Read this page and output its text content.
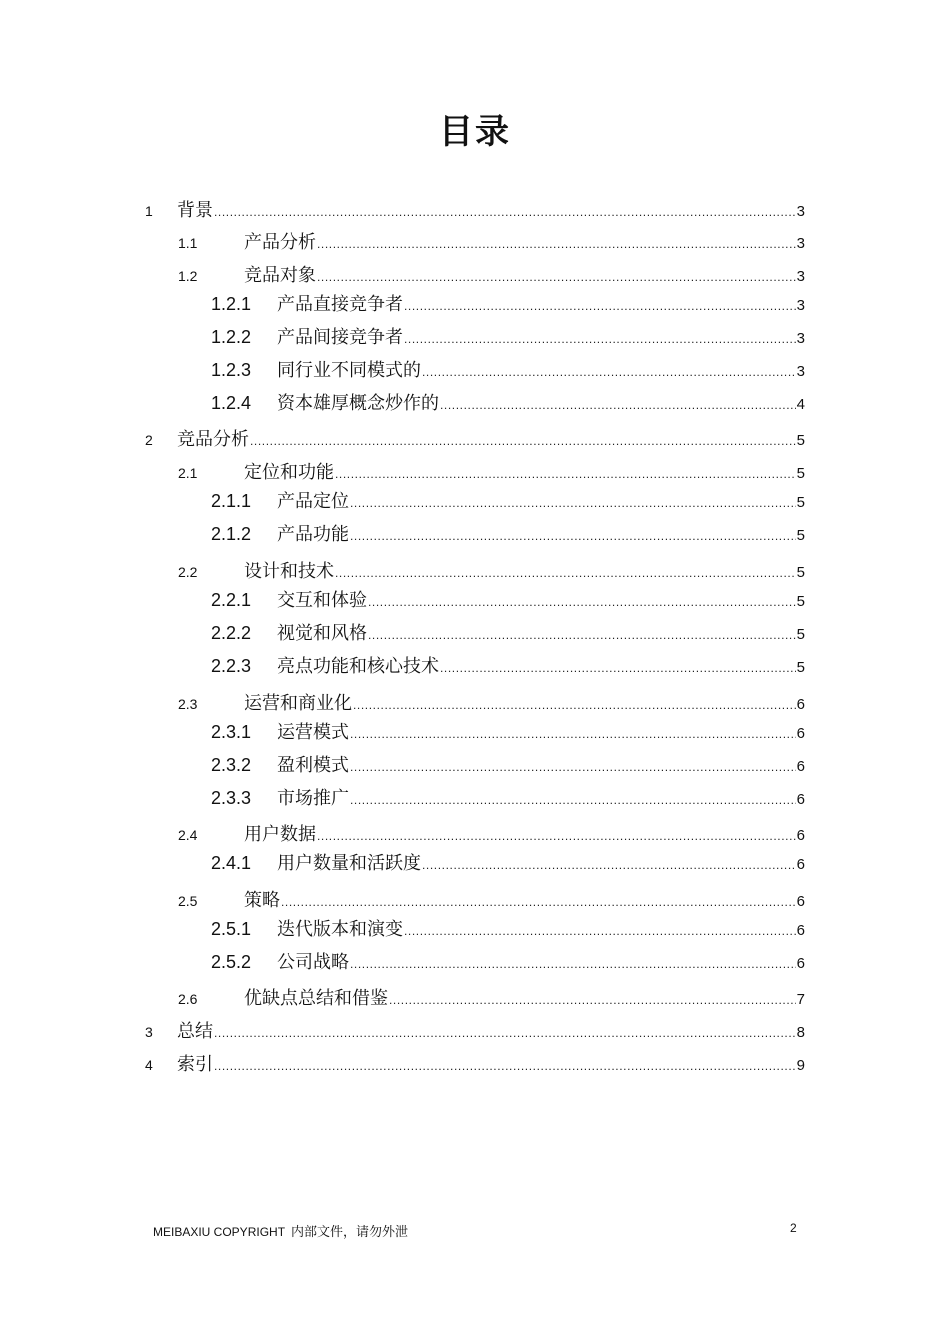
目录
1	背景 .....	3
1.1	产品分析 .....	3
1.2	竞品对象 .....	3
1.2.1	产品直接竞争者 .....	3
1.2.2	产品间接竞争者 .....	3
1.2.3	同行业不同模式的 .....	3
1.2.4	资本雄厚概念炒作的 .....	4
2	竞品分析 .....	5
2.1	定位和功能 .....	5
2.1.1	产品定位 .....	5
2.1.2	产品功能 .....	5
2.2	设计和技术 .....	5
2.2.1	交互和体验 .....	5
2.2.2	视觉和风格 .....	5
2.2.3	亮点功能和核心技术 .....	5
2.3	运营和商业化 .....	6
2.3.1	运营模式 .....	6
2.3.2	盈利模式 .....	6
2.3.3	市场推广 .....	6
2.4	用户数据 .....	6
2.4.1	用户数量和活跃度 .....	6
2.5	策略 .....	6
2.5.1	迭代版本和演变 .....	6
2.5.2	公司战略 .....	6
2.6	优缺点总结和借鉴 .....	7
3	总结 .....	8
4	索引 .....	9
MEIBAXIU COPYRIGHT 内部文件，请勿外泄	2
